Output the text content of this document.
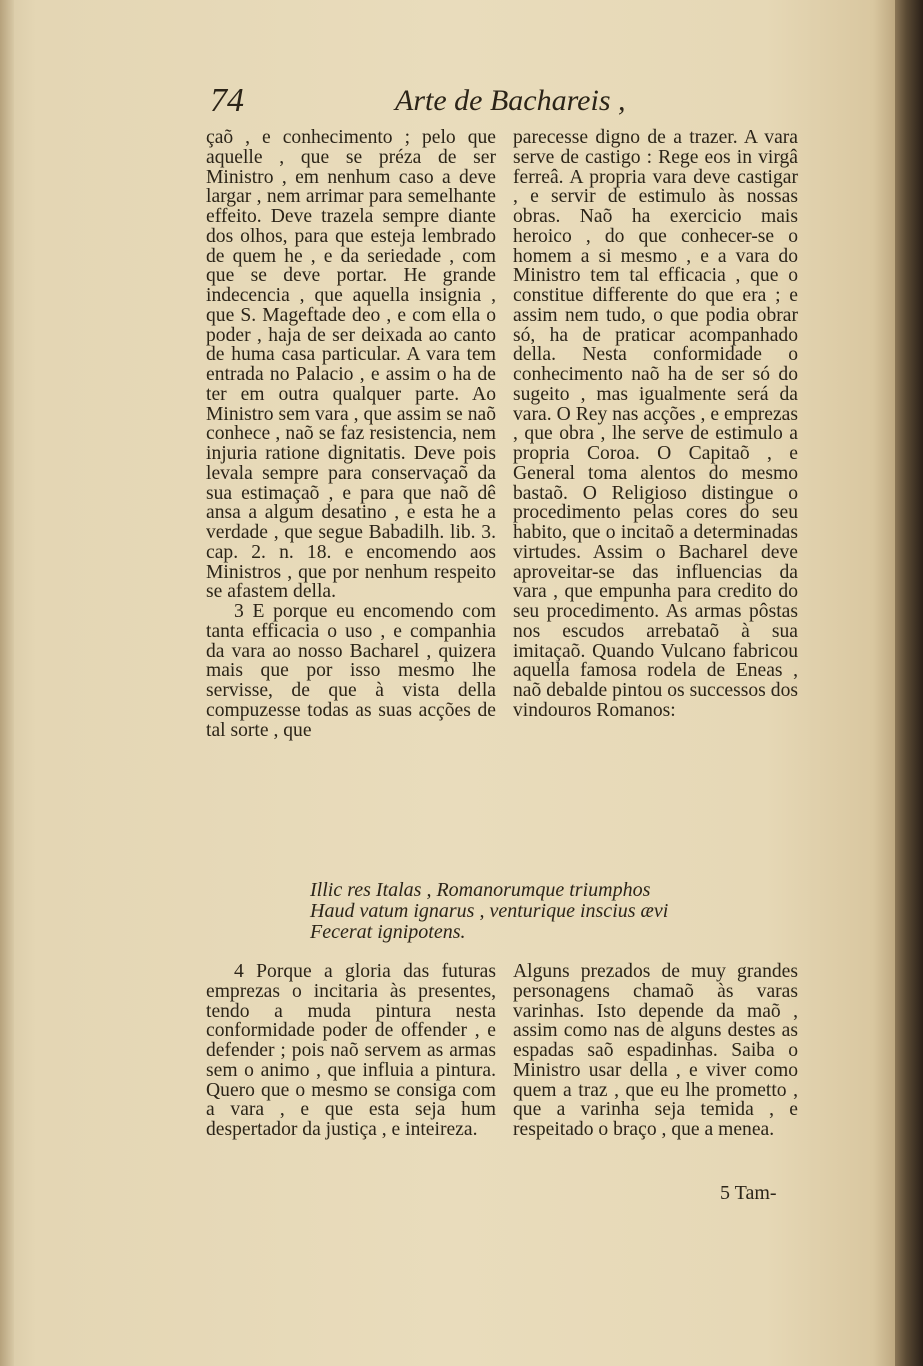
74	Arte de Bachareis ,

çaõ , e conhecimento ; pelo que aquelle , que se préza de ser Ministro , em nenhum caso a deve largar , nem arrimar para semelhante effeito. Deve trazela sempre diante dos olhos, para que esteja lembrado de quem he , e da seriedade , com que se deve portar. He grande indecencia , que aquella insignia , que S. Mageftade deo , e com ella o poder , haja de ser deixada ao canto de huma casa particular. A vara tem entrada no Palacio , e assim o ha de ter em outra qualquer parte. Ao Ministro sem vara , que assim se naõ conhece , naõ se faz resistencia, nem injuria ratione dignitatis. Deve pois levala sempre para conservaçaõ da sua estimaçaõ , e para que naõ dê ansa a algum desatino , e esta he a verdade , que segue Babadilh. lib. 3. cap. 2. n. 18. e encomendo aos Ministros , que por nenhum respeito se afastem della.

3 E porque eu encomendo com tanta efficacia o uso , e companhia da vara ao nosso Bacharel , quizera mais que por isso mesmo lhe servisse, de que à vista della compuzesse todas as suas acções de tal sorte , que

parecesse digno de a trazer. A vara serve de castigo : Rege eos in virgâ ferreâ. A propria vara deve castigar , e servir de estimulo às nossas obras. Naõ ha exercicio mais heroico , do que conhecer-se o homem a si mesmo , e a vara do Ministro tem tal efficacia , que o constitue differente do que era ; e assim nem tudo, o que podia obrar só, ha de praticar acompanhado della. Nesta conformidade o conhecimento naõ ha de ser só do sugeito , mas igualmente será da vara. O Rey nas acções , e emprezas , que obra , lhe serve de estimulo a propria Coroa. O Capitaõ , e General toma alentos do mesmo bastaõ. O Religioso distingue o procedimento pelas cores do seu habito, que o incitaõ a determinadas virtudes. Assim o Bacharel deve aproveitar-se das influencias da vara , que empunha para credito do seu procedimento. As armas pôstas nos escudos arrebataõ à sua imitaçaõ. Quando Vulcano fabricou aquella famosa rodela de Eneas , naõ debalde pintou os successos dos vindouros Romanos:

Illic res Italas , Romanorumque triumphos
Haud vatum ignarus , venturique inscius ævi
Fecerat ignipotens.

4 Porque a gloria das futuras emprezas o incitaria às presentes, tendo a muda pintura nesta conformidade poder de offender , e defender ; pois naõ servem as armas sem o animo , que influia a pintura. Quero que o mesmo se consiga com a vara , e que esta seja hum despertador da justiça , e inteireza.

Alguns prezados de muy grandes personagens chamaõ às varas varinhas. Isto depende da maõ , assim como nas de alguns destes as espadas saõ espadinhas. Saiba o Ministro usar della , e viver como quem a traz , que eu lhe prometto , que a varinha seja temida , e respeitado o braço , que a menea.

5 Tam-
